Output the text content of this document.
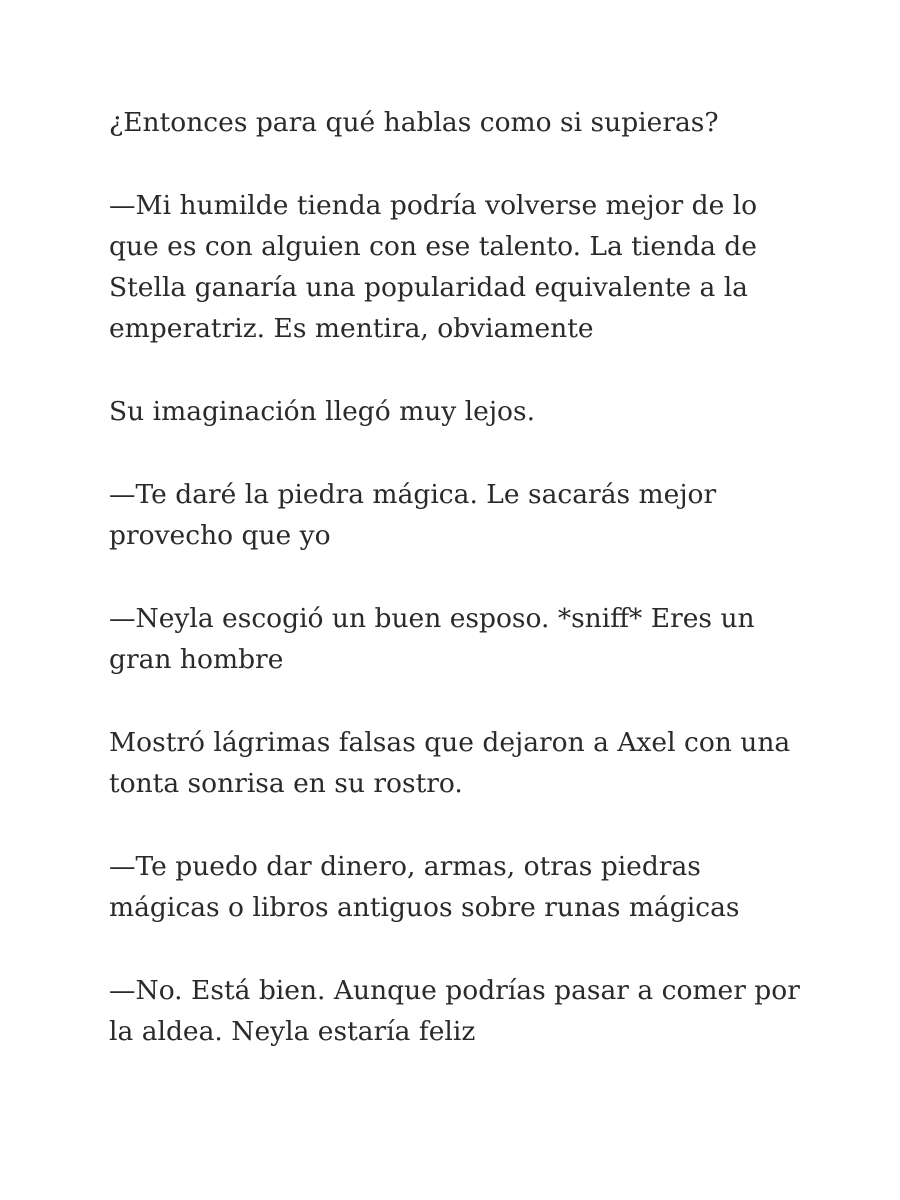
¿Entonces para qué hablas como si supieras?

—Mi humilde tienda podría volverse mejor de lo que es con alguien con ese talento. La tienda de Stella ganaría una popularidad equivalente a la emperatriz. Es mentira, obviamente

Su imaginación llegó muy lejos.

—Te daré la piedra mágica. Le sacarás mejor provecho que yo

—Neyla escogió un buen esposo. *sniff* Eres un gran hombre

Mostró lágrimas falsas que dejaron a Axel con una tonta sonrisa en su rostro.

—Te puedo dar dinero, armas, otras piedras mágicas o libros antiguos sobre runas mágicas

—No. Está bien. Aunque podrías pasar a comer por la aldea. Neyla estaría feliz
